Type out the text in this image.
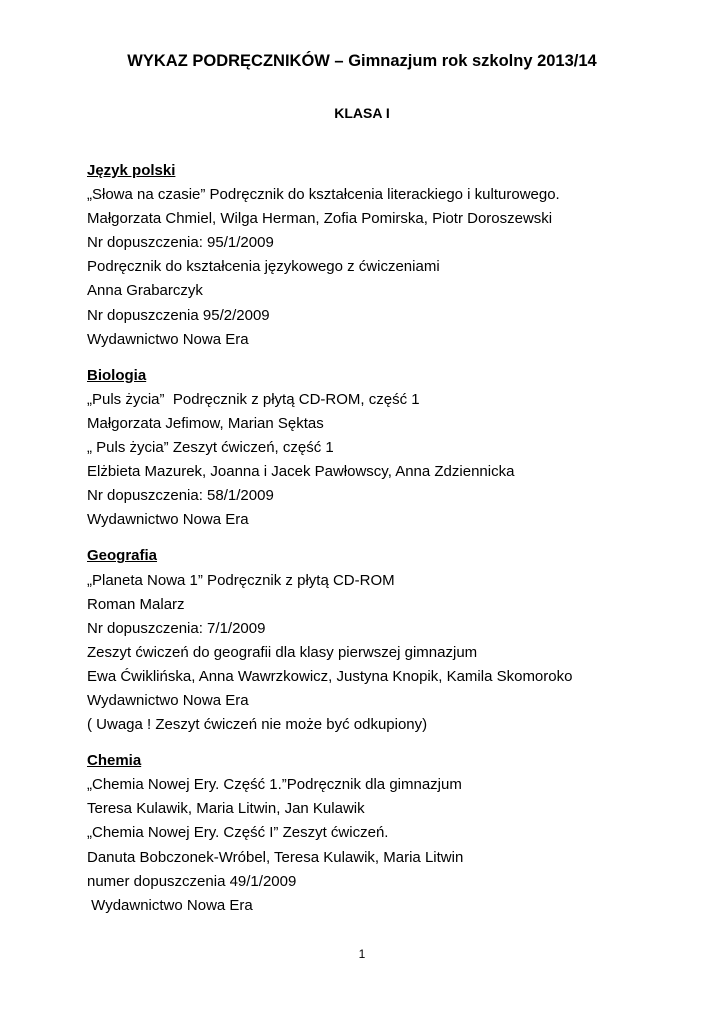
WYKAZ PODRĘCZNIKÓW – Gimnazjum rok szkolny 2013/14
KLASA I
Język polski
„Słowa na czasie” Podręcznik do kształcenia literackiego i kulturowego.
Małgorzata Chmiel, Wilga Herman, Zofia Pomirska, Piotr Doroszewski
Nr dopuszczenia: 95/1/2009
Podręcznik do kształcenia językowego z ćwiczeniami
Anna Grabarczyk
Nr dopuszczenia 95/2/2009
Wydawnictwo Nowa Era
Biologia
„Puls życia”  Podręcznik z płytą CD-ROM, część 1
Małgorzata Jefimow, Marian Sęktas
„ Puls życia” Zeszyt ćwiczeń, część 1
Elżbieta Mazurek, Joanna i Jacek Pawłowscy, Anna Zdziennicka
Nr dopuszczenia: 58/1/2009
Wydawnictwo Nowa Era
Geografia
„Planeta Nowa 1” Podręcznik z płytą CD-ROM
Roman Malarz
Nr dopuszczenia: 7/1/2009
Zeszyt ćwiczeń do geografii dla klasy pierwszej gimnazjum
Ewa Ćwiklińska, Anna Wawrzkowicz, Justyna Knopik, Kamila Skomoroko
Wydawnictwo Nowa Era
( Uwaga ! Zeszyt ćwiczeń nie może być odkupiony)
Chemia
„Chemia Nowej Ery. Część 1.”Podręcznik dla gimnazjum
Teresa Kulawik, Maria Litwin, Jan Kulawik
„Chemia Nowej Ery. Część I” Zeszyt ćwiczeń.
Danuta Bobczonek-Wróbel, Teresa Kulawik, Maria Litwin
numer dopuszczenia 49/1/2009
Wydawnictwo Nowa Era
1
